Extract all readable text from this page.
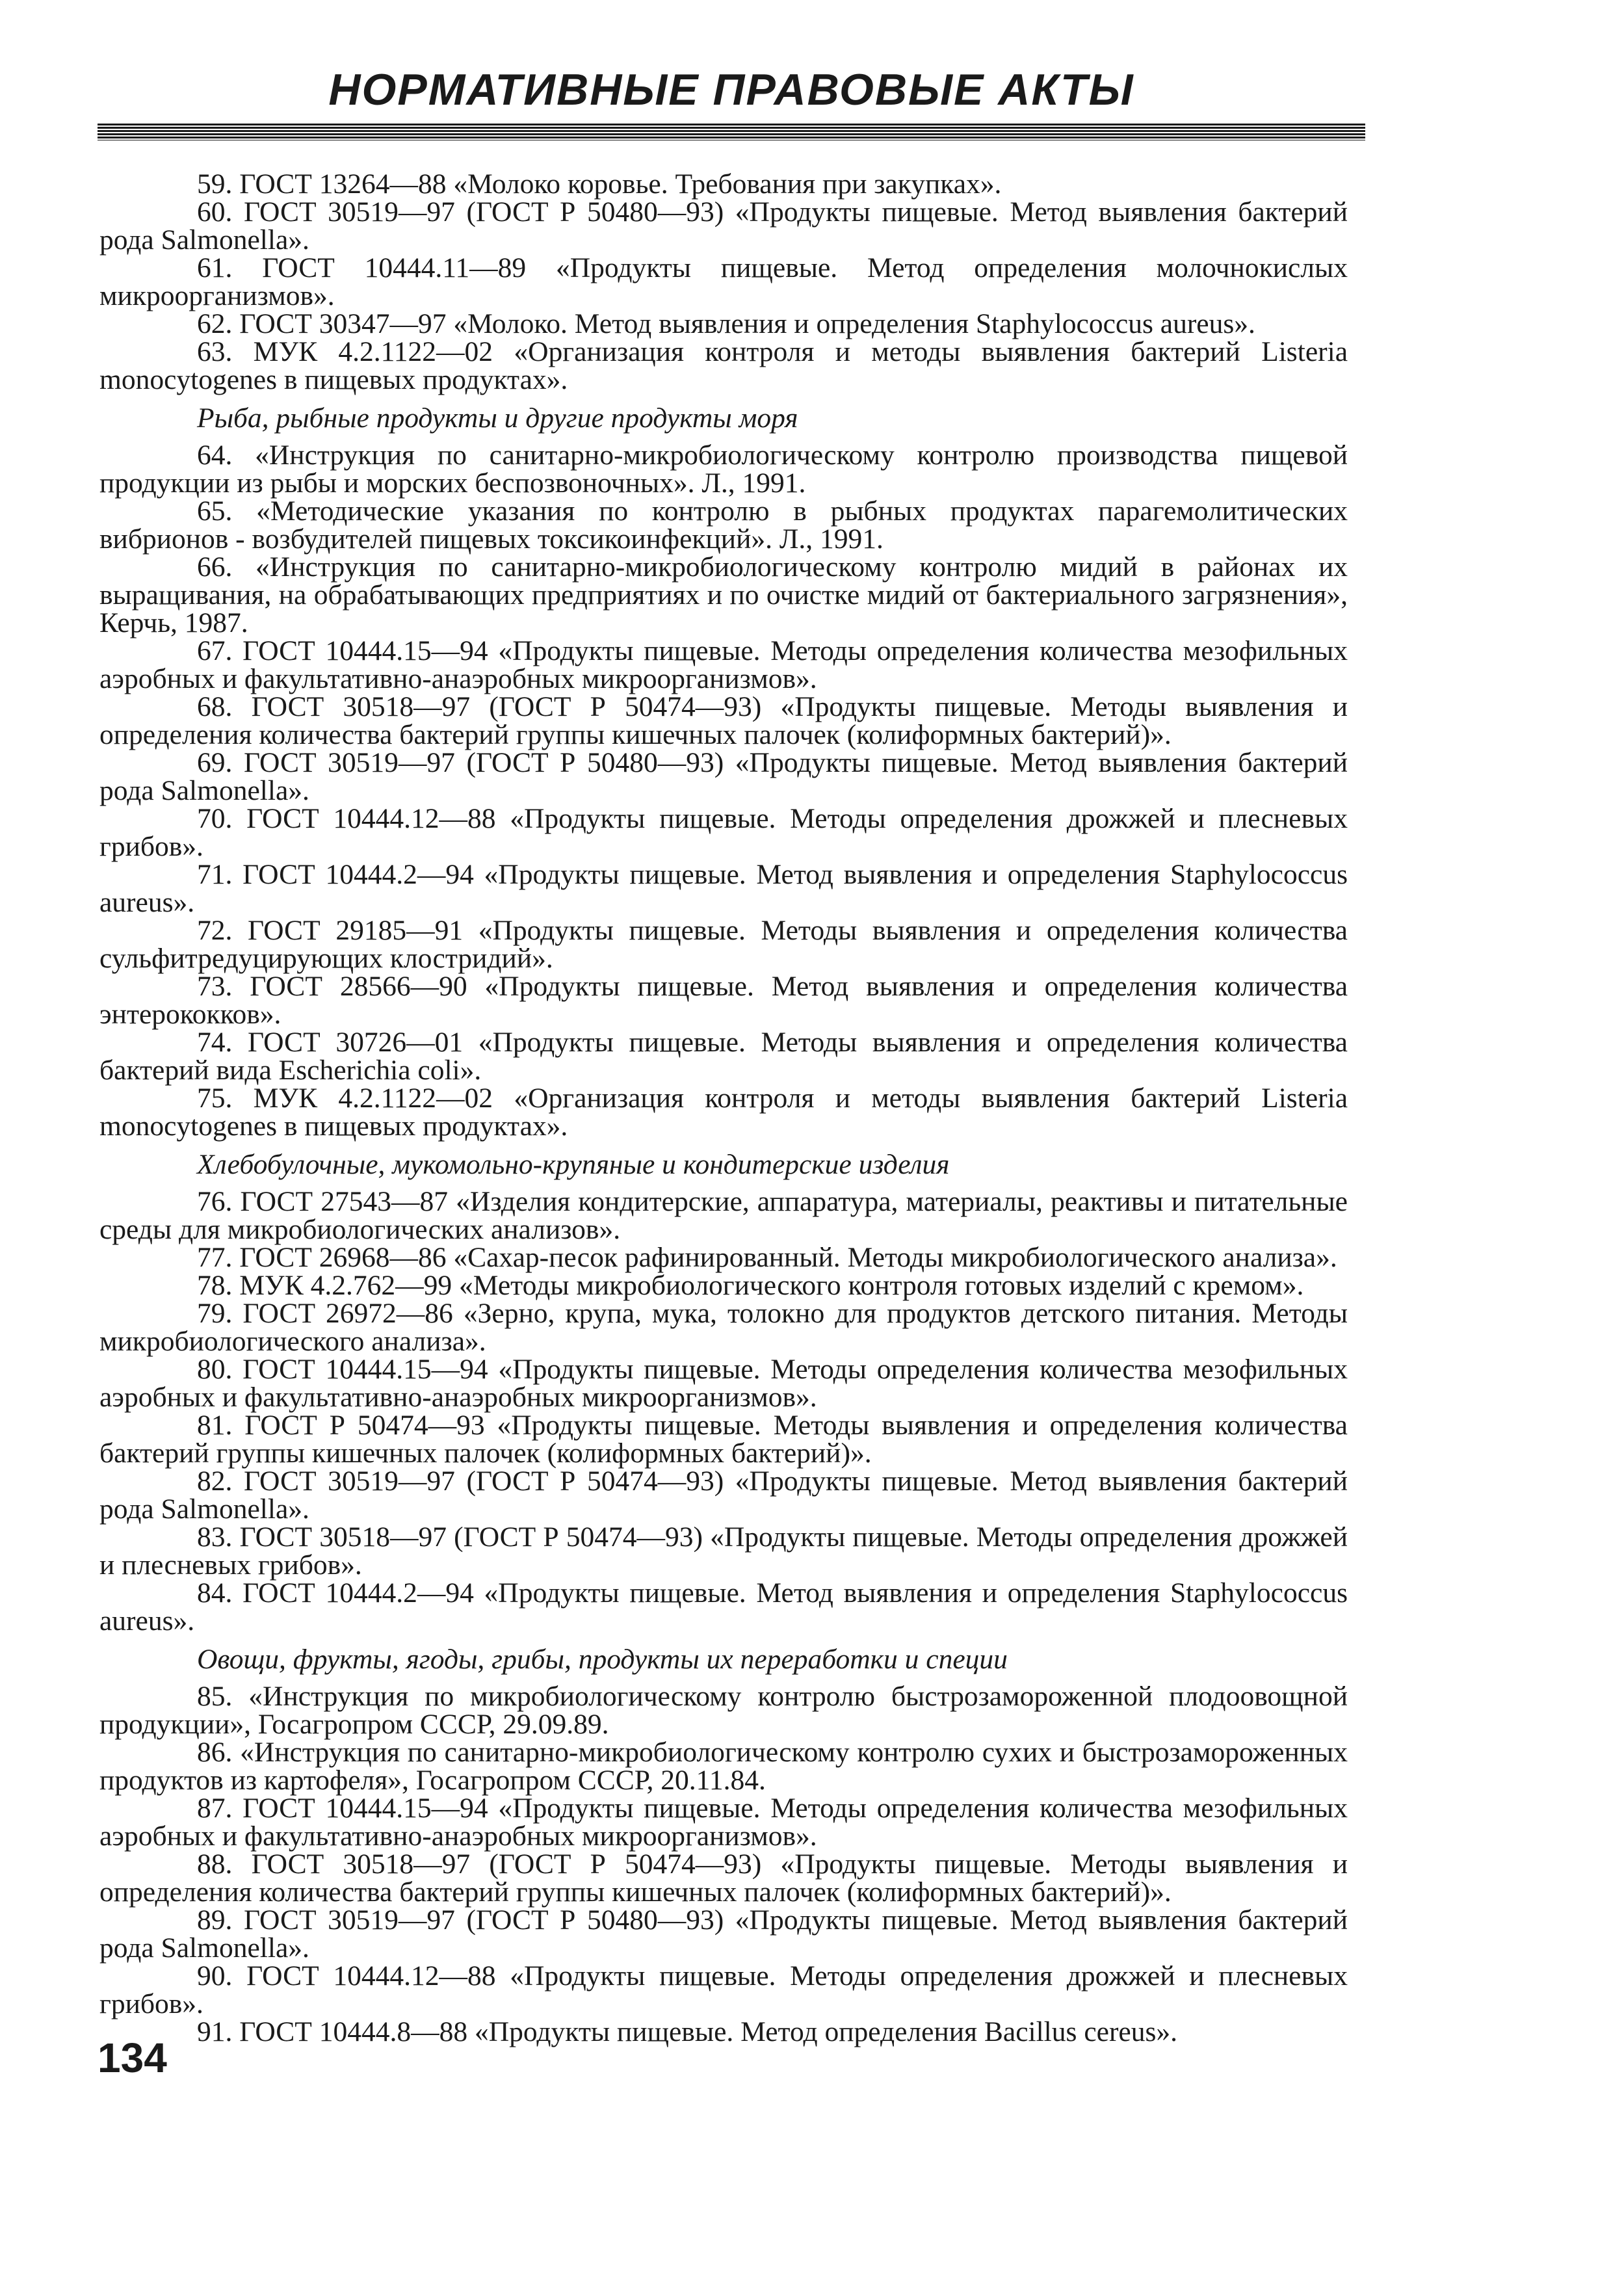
НОРМАТИВНЫЕ ПРАВОВЫЕ АКТЫ

59. ГОСТ 13264—88 «Молоко коровье. Требования при закупках».

60. ГОСТ 30519—97 (ГОСТ Р 50480—93) «Продукты пищевые. Метод выявления бактерий рода Salmonella».

61. ГОСТ 10444.11—89 «Продукты пищевые. Метод определения молочнокислых микроорганизмов».

62. ГОСТ 30347—97 «Молоко. Метод выявления и определения Staphylococcus aureus».

63. МУК 4.2.1122—02 «Организация контроля и методы выявления бактерий Listeria monocytogenes в пищевых продуктах».

Рыба, рыбные продукты и другие продукты моря

64. «Инструкция по санитарно-микробиологическому контролю производства пищевой продукции из рыбы и морских беспозвоночных». Л., 1991.

65. «Методические указания по контролю в рыбных продуктах парагемолитических вибрионов - возбудителей пищевых токсикоинфекций». Л., 1991.

66. «Инструкция по санитарно-микробиологическому контролю мидий в районах их выращивания, на обрабатывающих предприятиях и по очистке мидий от бактериального загрязнения», Керчь, 1987.

67. ГОСТ 10444.15—94 «Продукты пищевые. Методы определения количества мезофильных аэробных и факультативно-анаэробных микроорганизмов».

68. ГОСТ 30518—97 (ГОСТ Р 50474—93) «Продукты пищевые. Методы выявления и определения количества бактерий группы кишечных палочек (колиформных бактерий)».

69. ГОСТ 30519—97 (ГОСТ Р 50480—93) «Продукты пищевые. Метод выявления бактерий рода Salmonella».

70. ГОСТ 10444.12—88 «Продукты пищевые. Методы определения дрожжей и плесневых грибов».

71. ГОСТ 10444.2—94 «Продукты пищевые. Метод выявления и определения Staphylococcus aureus».

72. ГОСТ 29185—91 «Продукты пищевые. Методы выявления и определения количества сульфитредуцирующих клостридий».

73. ГОСТ 28566—90 «Продукты пищевые. Метод выявления и определения количества энтерококков».

74. ГОСТ 30726—01 «Продукты пищевые. Методы выявления и определения количества бактерий вида Escherichia coli».

75. МУК 4.2.1122—02 «Организация контроля и методы выявления бактерий Listeria monocytogenes в пищевых продуктах».

Хлебобулочные, мукомольно-крупяные и кондитерские изделия

76. ГОСТ 27543—87 «Изделия кондитерские, аппаратура, материалы, реактивы и питательные среды для микробиологических анализов».

77. ГОСТ 26968—86 «Сахар-песок рафинированный. Методы микробиологического анализа».

78. МУК 4.2.762—99 «Методы микробиологического контроля готовых изделий с кремом».

79. ГОСТ 26972—86 «Зерно, крупа, мука, толокно для продуктов детского питания. Методы микробиологического анализа».

80. ГОСТ 10444.15—94 «Продукты пищевые. Методы определения количества мезофильных аэробных и факультативно-анаэробных микроорганизмов».

81. ГОСТ Р 50474—93 «Продукты пищевые. Методы выявления и определения количества бактерий группы кишечных палочек (колиформных бактерий)».

82. ГОСТ 30519—97 (ГОСТ Р 50474—93) «Продукты пищевые. Метод выявления бактерий рода Salmonella».

83. ГОСТ 30518—97 (ГОСТ Р 50474—93) «Продукты пищевые. Методы определения дрожжей и плесневых грибов».

84. ГОСТ 10444.2—94 «Продукты пищевые. Метод выявления и определения Staphylococcus aureus».

Овощи, фрукты, ягоды, грибы, продукты их переработки и специи

85. «Инструкция по микробиологическому контролю быстрозамороженной плодоовощной продукции», Госагропром СССР, 29.09.89.

86. «Инструкция по санитарно-микробиологическому контролю сухих и быстрозамороженных продуктов из картофеля», Госагропром СССР, 20.11.84.

87. ГОСТ 10444.15—94 «Продукты пищевые. Методы определения количества мезофильных аэробных и факультативно-анаэробных микроорганизмов».

88. ГОСТ 30518—97 (ГОСТ Р 50474—93) «Продукты пищевые. Методы выявления и определения количества бактерий группы кишечных палочек (колиформных бактерий)».

89. ГОСТ 30519—97 (ГОСТ Р 50480—93) «Продукты пищевые. Метод выявления бактерий рода Salmonella».

90. ГОСТ 10444.12—88 «Продукты пищевые. Методы определения дрожжей и плесневых грибов».

91. ГОСТ 10444.8—88 «Продукты пищевые. Метод определения Bacillus cereus».

134
